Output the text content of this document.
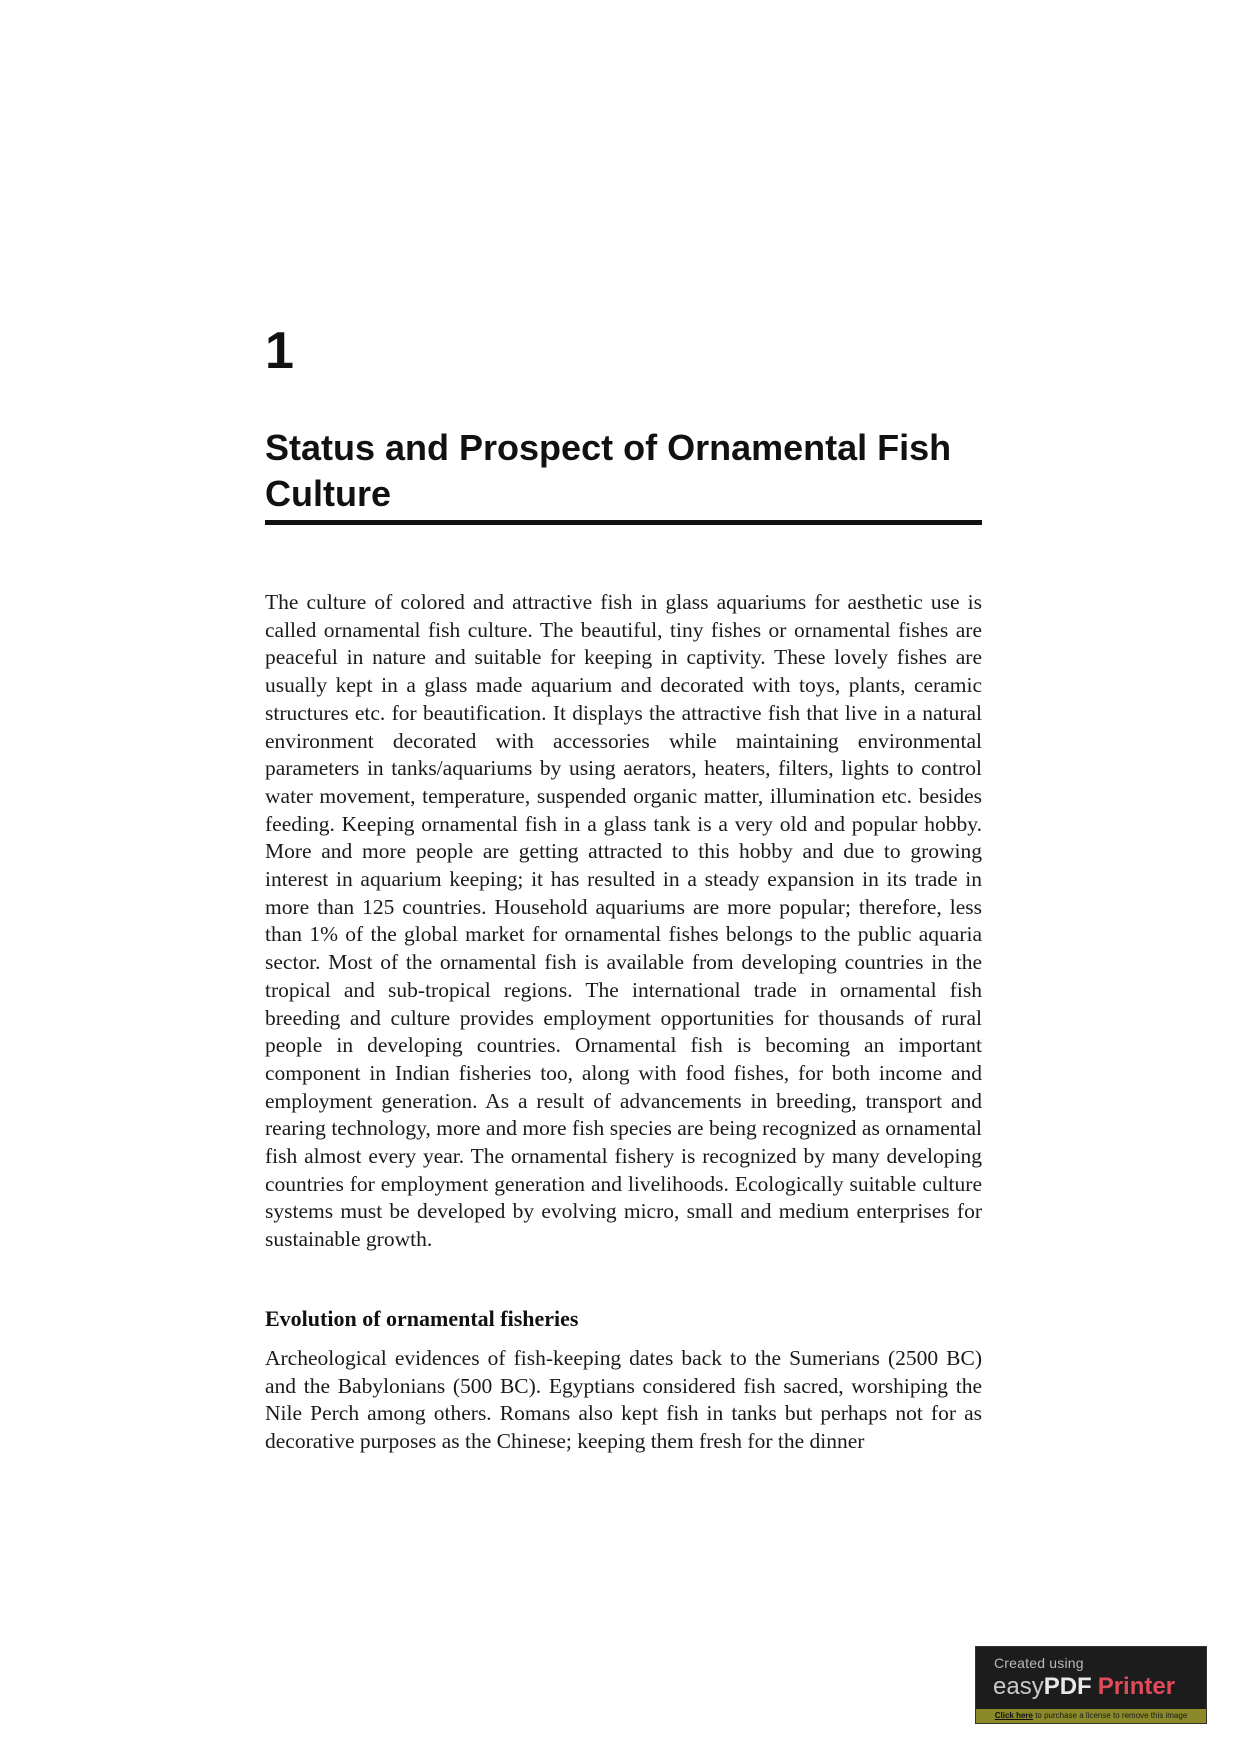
1
Status and Prospect of Ornamental Fish Culture

The culture of colored and attractive fish in glass aquariums for aesthetic use is called ornamental fish culture. The beautiful, tiny fishes or ornamental fishes are peaceful in nature and suitable for keeping in captivity. These lovely fishes are usually kept in a glass made aquarium and decorated with toys, plants, ceramic structures etc. for beautification. It displays the attractive fish that live in a natural environment decorated with accessories while maintaining environmental parameters in tanks/aquariums by using aerators, heaters, filters, lights to control water movement, temperature, suspended organic matter, illumination etc. besides feeding. Keeping ornamental fish in a glass tank is a very old and popular hobby. More and more people are getting attracted to this hobby and due to growing interest in aquarium keeping; it has resulted in a steady expansion in its trade in more than 125 countries. Household aquariums are more popular; therefore, less than 1% of the global market for ornamental fishes belongs to the public aquaria sector. Most of the ornamental fish is available from developing countries in the tropical and sub-tropical regions. The international trade in ornamental fish breeding and culture provides employment opportunities for thousands of rural people in developing countries. Ornamental fish is becoming an important component in Indian fisheries too, along with food fishes, for both income and employment generation. As a result of advancements in breeding, transport and rearing technology, more and more fish species are being recognized as ornamental fish almost every year. The ornamental fishery is recognized by many developing countries for employment generation and livelihoods. Ecologically suitable culture systems must be developed by evolving micro, small and medium enterprises for sustainable growth.

Evolution of ornamental fisheries

Archeological evidences of fish-keeping dates back to the Sumerians (2500 BC) and the Babylonians (500 BC). Egyptians considered fish sacred, worshiping the Nile Perch among others. Romans also kept fish in tanks but perhaps not for as decorative purposes as the Chinese; keeping them fresh for the dinner

Created using
easyPDF Printer
Click here to purchase a license to remove this image
